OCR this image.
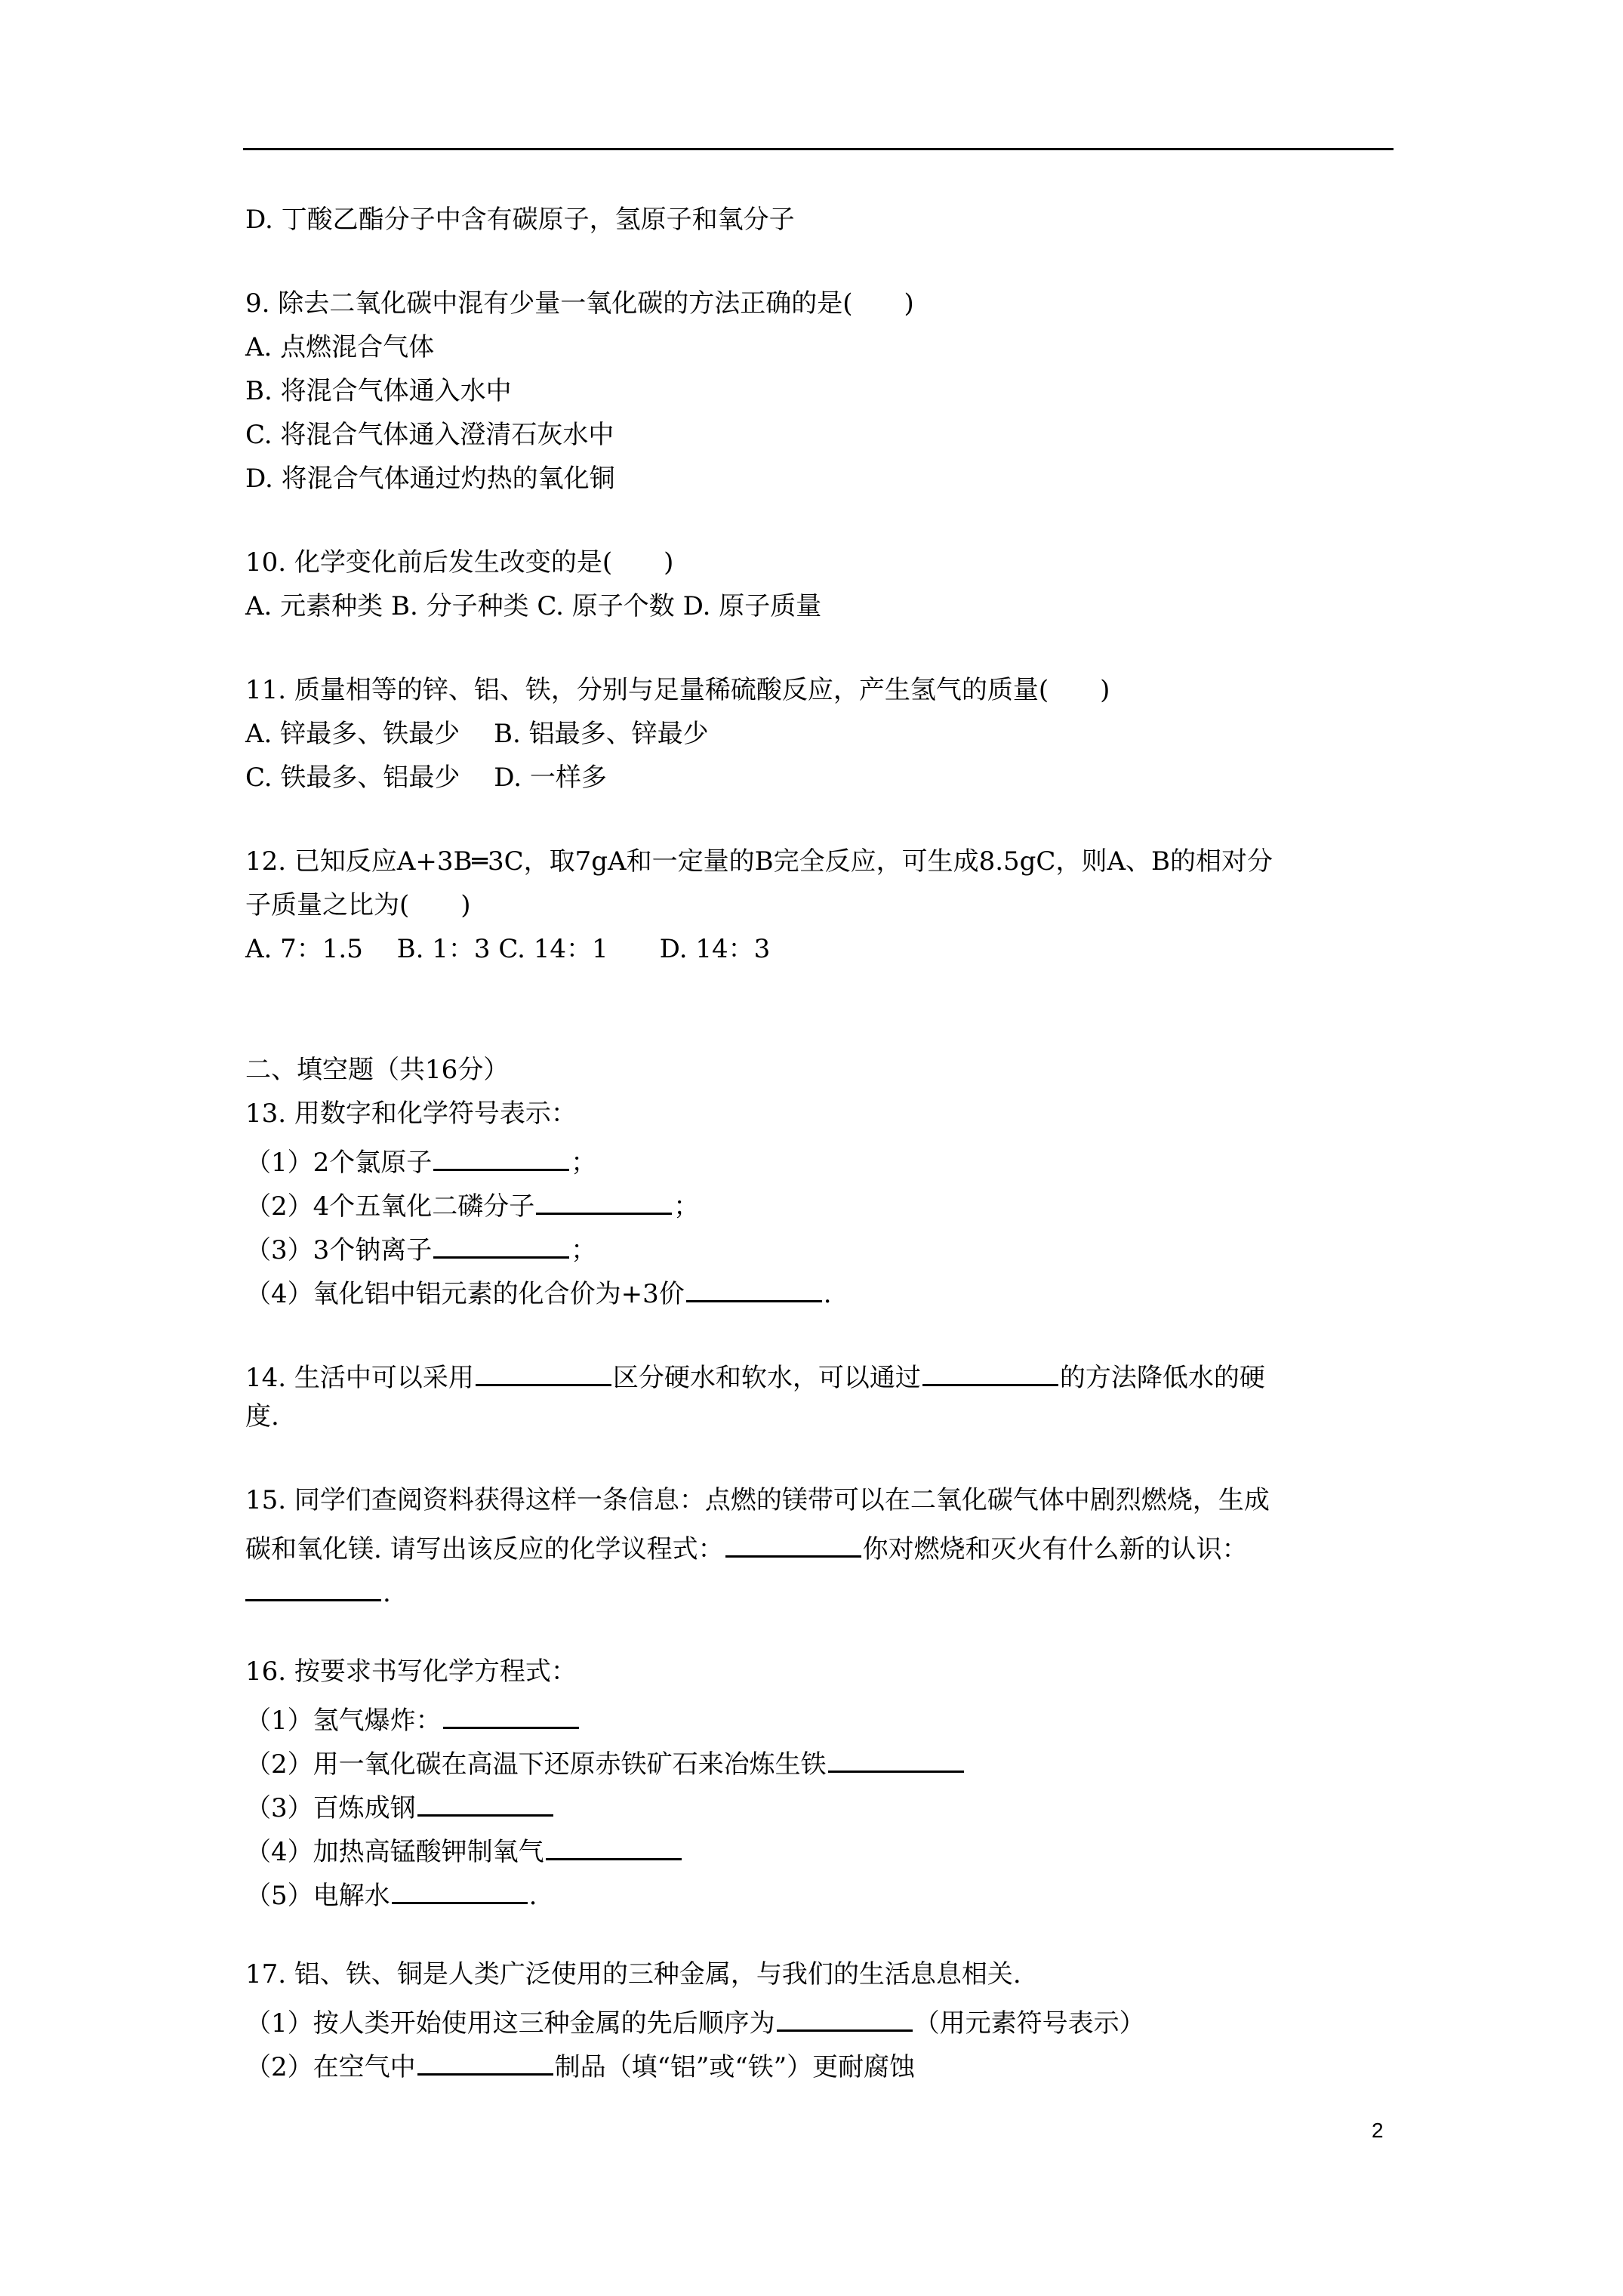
D. 丁酸乙酯分子中含有碳原子，氢原子和氧分子
9. 除去二氧化碳中混有少量一氧化碳的方法正确的是(　　)
A. 点燃混合气体
B. 将混合气体通入水中
C. 将混合气体通入澄清石灰水中
D. 将混合气体通过灼热的氧化铜
10. 化学变化前后发生改变的是(　　)
A. 元素种类 B. 分子种类 C. 原子个数 D. 原子质量
11. 质量相等的锌、铝、铁，分别与足量稀硫酸反应，产生氢气的质量(　　)
A. 锌最多、铁最少　 B. 铝最多、锌最少
C. 铁最多、铝最少　 D. 一样多
12. 已知反应A+3B═3C，取7gA和一定量的B完全反应，可生成8.5gC，则A、B的相对分
子质量之比为(　　)
A. 7：1.5　 B. 1：3 C. 14：1　　D. 14：3
二、填空题（共16分）
13. 用数字和化学符号表示：
（1）2个氯原子	；
（2）4个五氧化二磷分子	；
（3）3个钠离子	；
（4）氧化铝中铝元素的化合价为+3价	.
14. 生活中可以采用	区分硬水和软水，可以通过	的方法降低水的硬
度.
15. 同学们查阅资料获得这样一条信息：点燃的镁带可以在二氧化碳气体中剧烈燃烧，生成
碳和氧化镁. 请写出该反应的化学议程式：	你对燃烧和灭火有什么新的认识：
.
16. 按要求书写化学方程式：
（1）氢气爆炸：
（2）用一氧化碳在高温下还原赤铁矿石来冶炼生铁
（3）百炼成钢
（4）加热高锰酸钾制氧气
（5）电解水	.
17. 铝、铁、铜是人类广泛使用的三种金属，与我们的生活息息相关.
（1）按人类开始使用这三种金属的先后顺序为	（用元素符号表示）
（2）在空气中	制品（填“铝”或“铁”）更耐腐蚀
2
